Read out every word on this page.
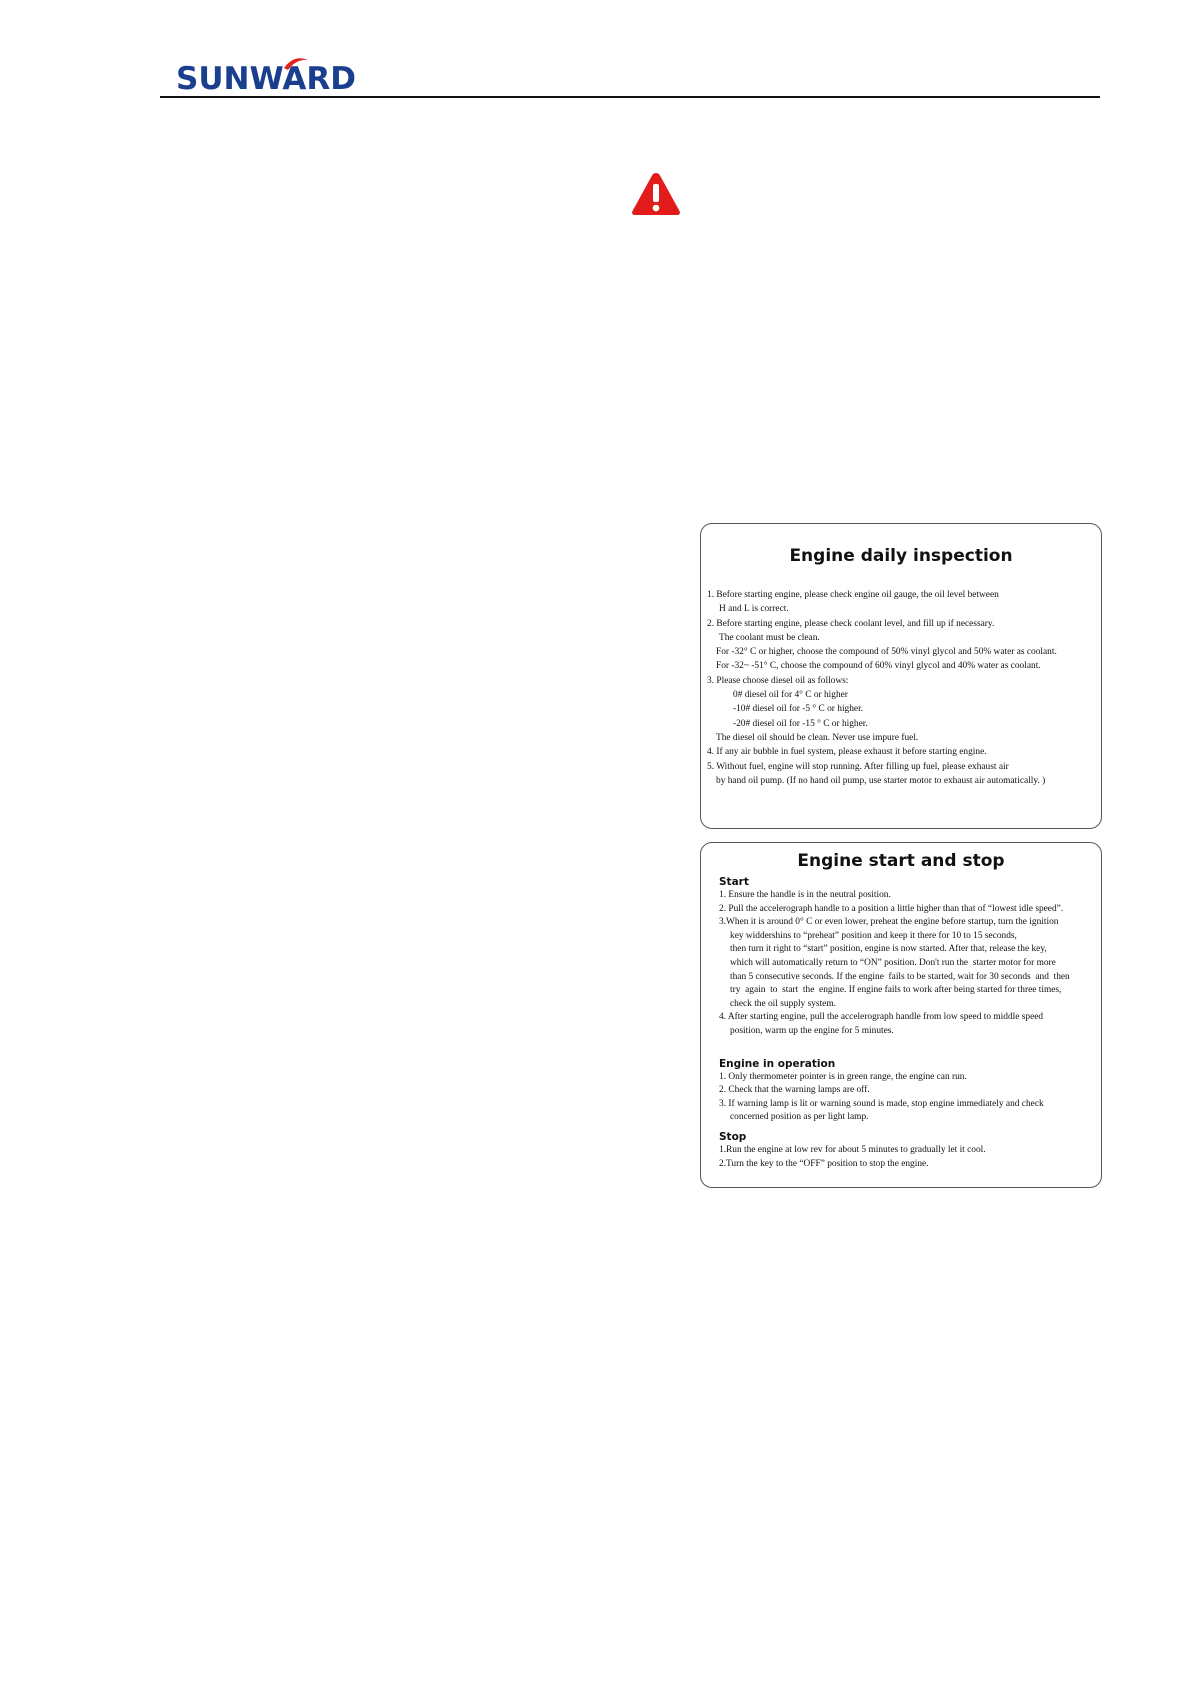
SUNWARD
Engine daily inspection

1. Before starting engine, please check engine oil gauge, the oil level between

H and L is correct.

2. Before starting engine, please check coolant level, and fill up if necessary.

The coolant must be clean.

For -32° C or higher, choose the compound of 50% vinyl glycol and 50% water as coolant.

For -32~ -51° C, choose the compound of 60% vinyl glycol and 40% water as coolant.

3. Please choose diesel oil as follows:

0# diesel oil for 4° C or higher

-10# diesel oil for -5 ° C or higher.

-20# diesel oil for -15 ° C or higher.

The diesel oil should be clean. Never use impure fuel.

4. If any air bubble in fuel system, please exhaust it before starting engine.

5. Without fuel, engine will stop running. After filling up fuel, please exhaust air

by hand oil pump. (If no hand oil pump, use starter motor to exhaust air automatically. )

Engine start and stop

Start

1. Ensure the handle is in the neutral position.

2. Pull the accelerograph handle to a position a little higher than that of “lowest idle speed”.

3.When it is around 0° C or even lower, preheat the engine before startup, turn the ignition

key widdershins to “preheat” position and keep it there for 10 to 15 seconds,

then turn it right to “start” position, engine is now started. After that, release the key,

which will automatically return to “ON” position. Don't run the  starter motor for more

than 5 consecutive seconds. If the engine  fails to be started, wait for 30 seconds  and  then

try  again  to  start  the  engine. If engine fails to work after being started for three times,

check the oil supply system.

4. After starting engine, pull the accelerograph handle from low speed to middle speed

position, warm up the engine for 5 minutes.

Engine in operation

1. Only thermometer pointer is in green range, the engine can run.

2. Check that the warning lamps are off.

3. If warning lamp is lit or warning sound is made, stop engine immediately and check

concerned position as per light lamp.

Stop

1.Run the engine at low rev for about 5 minutes to gradually let it cool.

2.Turn the key to the “OFF” position to stop the engine.
